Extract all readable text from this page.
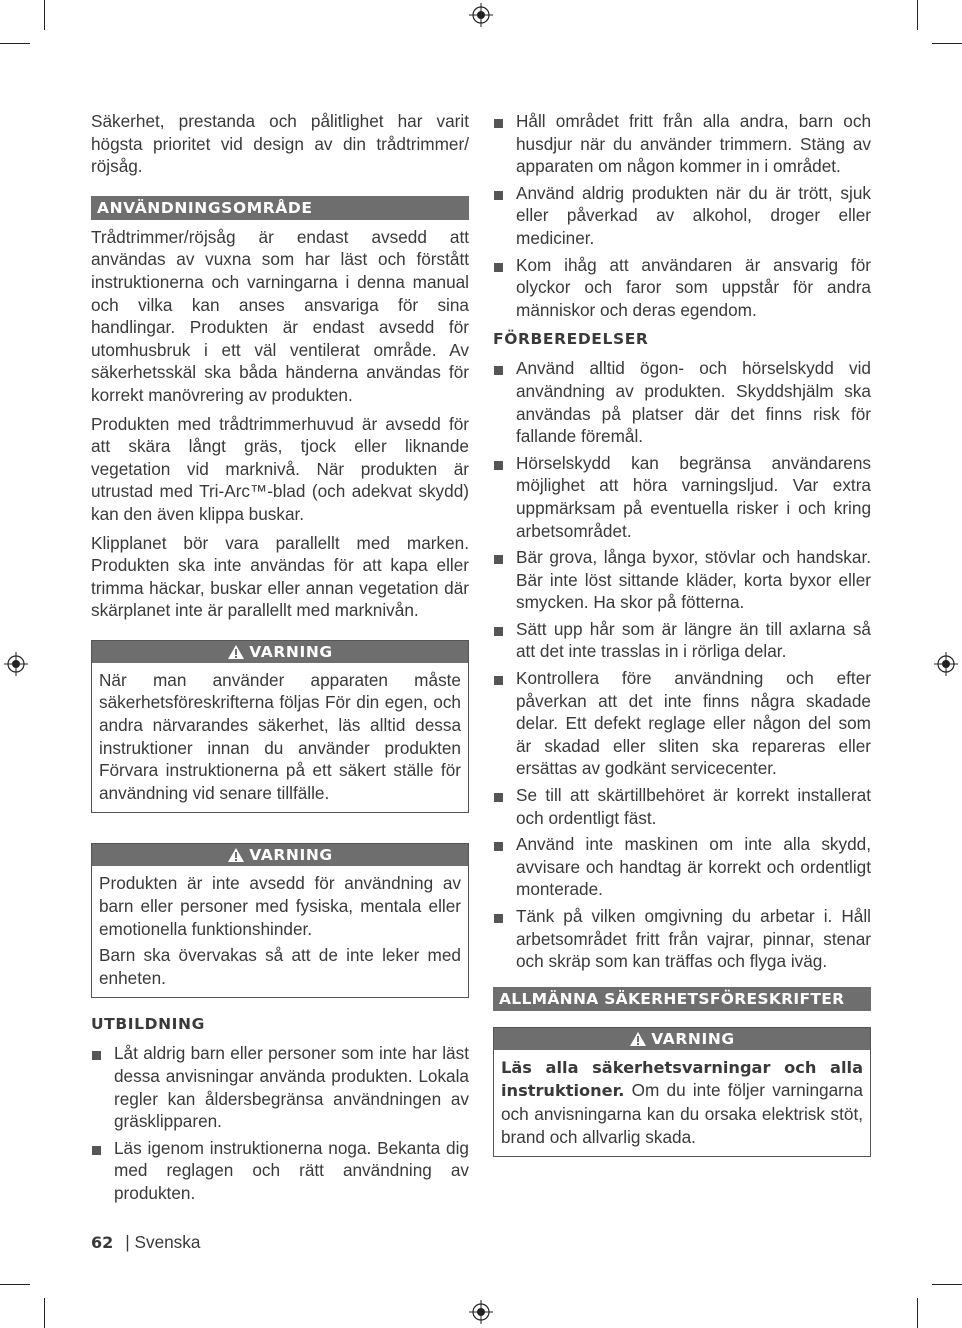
Säkerhet, prestanda och pålitlighet har varit högsta prioritet vid design av din trådtrimmer/ röjsåg.

ANVÄNDNINGSOMRÅDE

Trådtrimmer/röjsåg är endast avsedd att användas av vuxna som har läst och förstått instruktionerna och varningarna i denna manual och vilka kan anses ansvariga för sina handlingar. Produkten är endast avsedd för utomhusbruk i ett väl ventilerat område. Av säkerhetsskäl ska båda händerna användas för korrekt manövrering av produkten.

Produkten med trådtrimmerhuvud är avsedd för att skära långt gräs, tjock eller liknande vegetation vid marknivå. När produkten är utrustad med Tri-Arc™-blad (och adekvat skydd) kan den även klippa buskar.

Klipplanet bör vara parallellt med marken. Produkten ska inte användas för att kapa eller trimma häckar, buskar eller annan vegetation där skärplanet inte är parallellt med marknivån.

VARNING

När man använder apparaten måste säkerhetsföreskrifterna följas För din egen, och andra närvarandes säkerhet, läs alltid dessa instruktioner innan du använder produkten Förvara instruktionerna på ett säkert ställe för användning vid senare tillfälle.

VARNING

Produkten är inte avsedd för användning av barn eller personer med fysiska, mentala eller emotionella funktionshinder.

Barn ska övervakas så att de inte leker med enheten.

UTBILDNING
Låt aldrig barn eller personer som inte har läst dessa anvisningar använda produkten. Lokala regler kan åldersbegränsa användningen av gräsklipparen.
Läs igenom instruktionerna noga. Bekanta dig med reglagen och rätt användning av produkten.
Håll området fritt från alla andra, barn och husdjur när du använder trimmern. Stäng av apparaten om någon kommer in i området.
Använd aldrig produkten när du är trött, sjuk eller påverkad av alkohol, droger eller mediciner.
Kom ihåg att användaren är ansvarig för olyckor och faror som uppstår för andra människor och deras egendom.
FÖRBEREDELSER
Använd alltid ögon- och hörselskydd vid användning av produkten. Skyddshjälm ska användas på platser där det finns risk för fallande föremål.
Hörselskydd kan begränsa användarens möjlighet att höra varningsljud. Var extra uppmärksam på eventuella risker i och kring arbetsområdet.
Bär grova, långa byxor, stövlar och handskar. Bär inte löst sittande kläder, korta byxor eller smycken. Ha skor på fötterna.
Sätt upp hår som är längre än till axlarna så att det inte trasslas in i rörliga delar.
Kontrollera före användning och efter påverkan att det inte finns några skadade delar. Ett defekt reglage eller någon del som är skadad eller sliten ska repareras eller ersättas av godkänt servicecenter.
Se till att skärtillbehöret är korrekt installerat och ordentligt fäst.
Använd inte maskinen om inte alla skydd, avvisare och handtag är korrekt och ordentligt monterade.
Tänk på vilken omgivning du arbetar i. Håll arbetsområdet fritt från vajrar, pinnar, stenar och skräp som kan träffas och flyga iväg.
ALLMÄNNA SÄKERHETSFÖRESKRIFTER
VARNING

Läs alla säkerhetsvarningar och alla instruktioner. Om du inte följer varningarna och anvisningarna kan du orsaka elektrisk stöt, brand och allvarlig skada.

62 | Svenska
